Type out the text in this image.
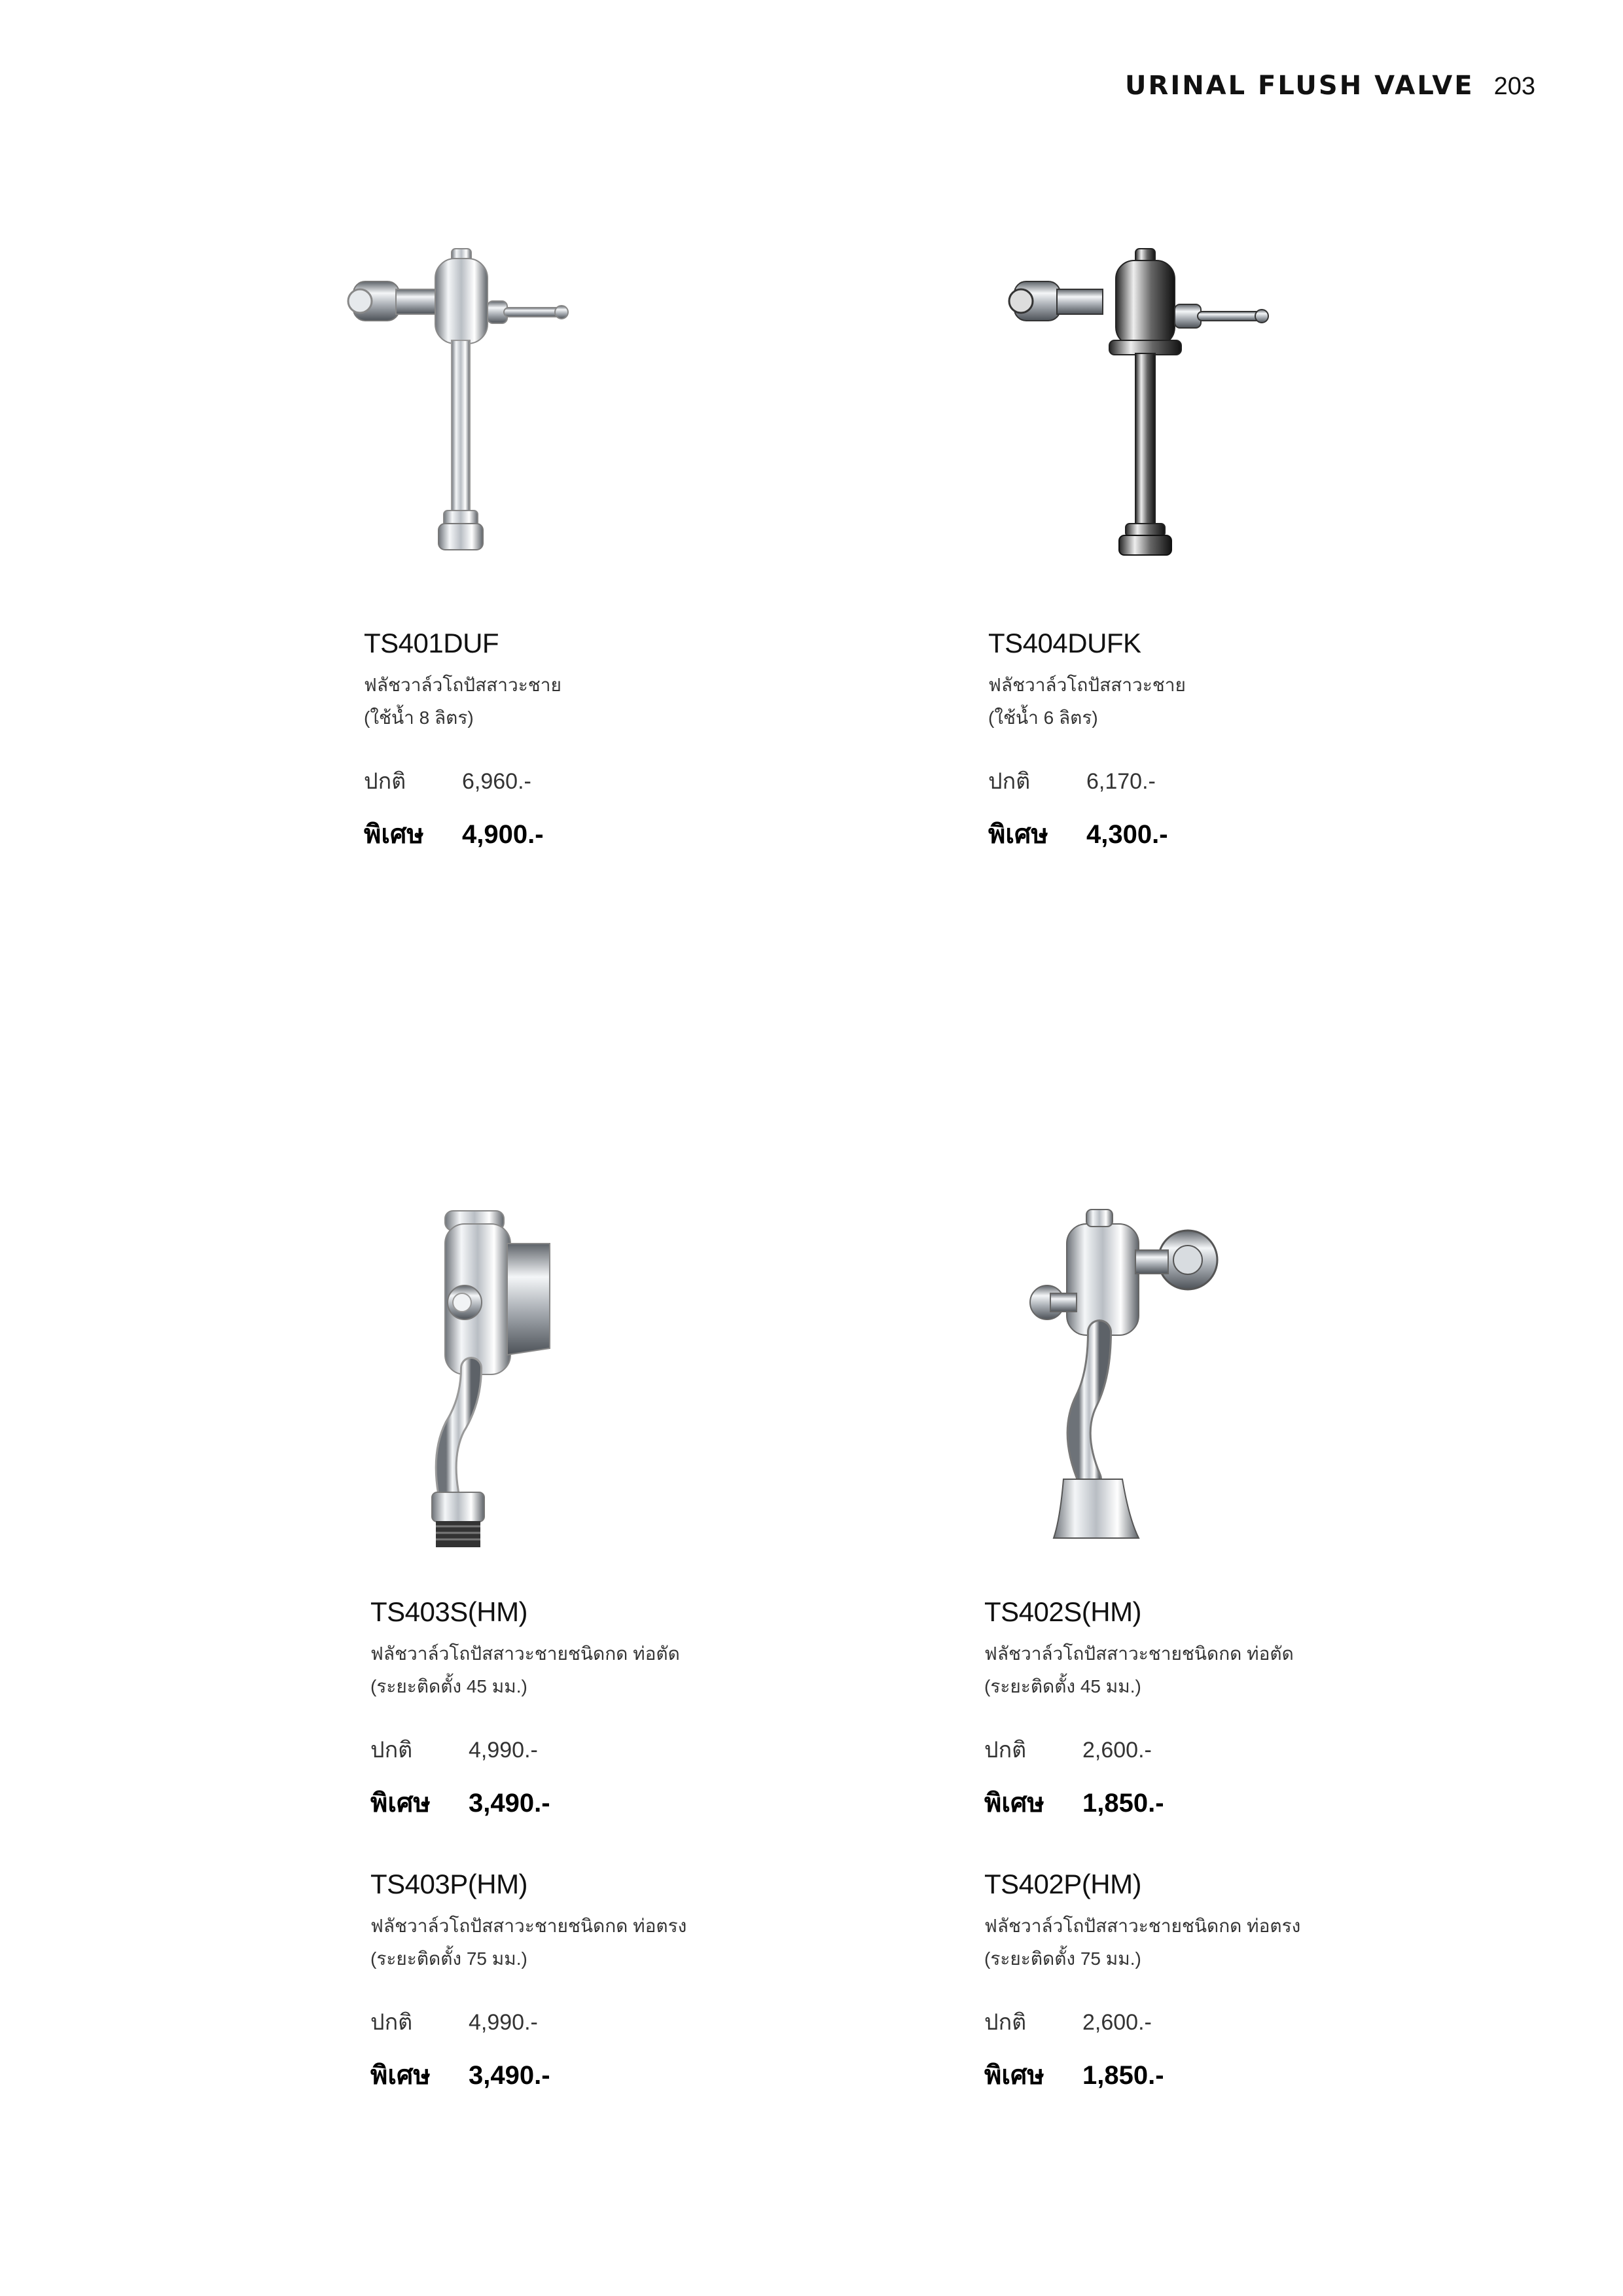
URINAL FLUSH VALVE 203
TS401DUF
ฟลัชวาล์วโถปัสสาวะชาย
(ใช้น้ำ 8 ลิตร)
ปกติ	6,960.-
พิเศษ	4,900.-
TS404DUFK
ฟลัชวาล์วโถปัสสาวะชาย
(ใช้น้ำ 6 ลิตร)
ปกติ	6,170.-
พิเศษ	4,300.-
TS403S(HM)
ฟลัชวาล์วโถปัสสาวะชายชนิดกด ท่อตัด
(ระยะติดตั้ง 45 มม.)
ปกติ	4,990.-
พิเศษ	3,490.-
TS402S(HM)
ฟลัชวาล์วโถปัสสาวะชายชนิดกด ท่อตัด
(ระยะติดตั้ง 45 มม.)
ปกติ	2,600.-
พิเศษ	1,850.-
TS403P(HM)
ฟลัชวาล์วโถปัสสาวะชายชนิดกด ท่อตรง
(ระยะติดตั้ง 75 มม.)
ปกติ	4,990.-
พิเศษ	3,490.-
TS402P(HM)
ฟลัชวาล์วโถปัสสาวะชายชนิดกด ท่อตรง
(ระยะติดตั้ง 75 มม.)
ปกติ	2,600.-
พิเศษ	1,850.-
